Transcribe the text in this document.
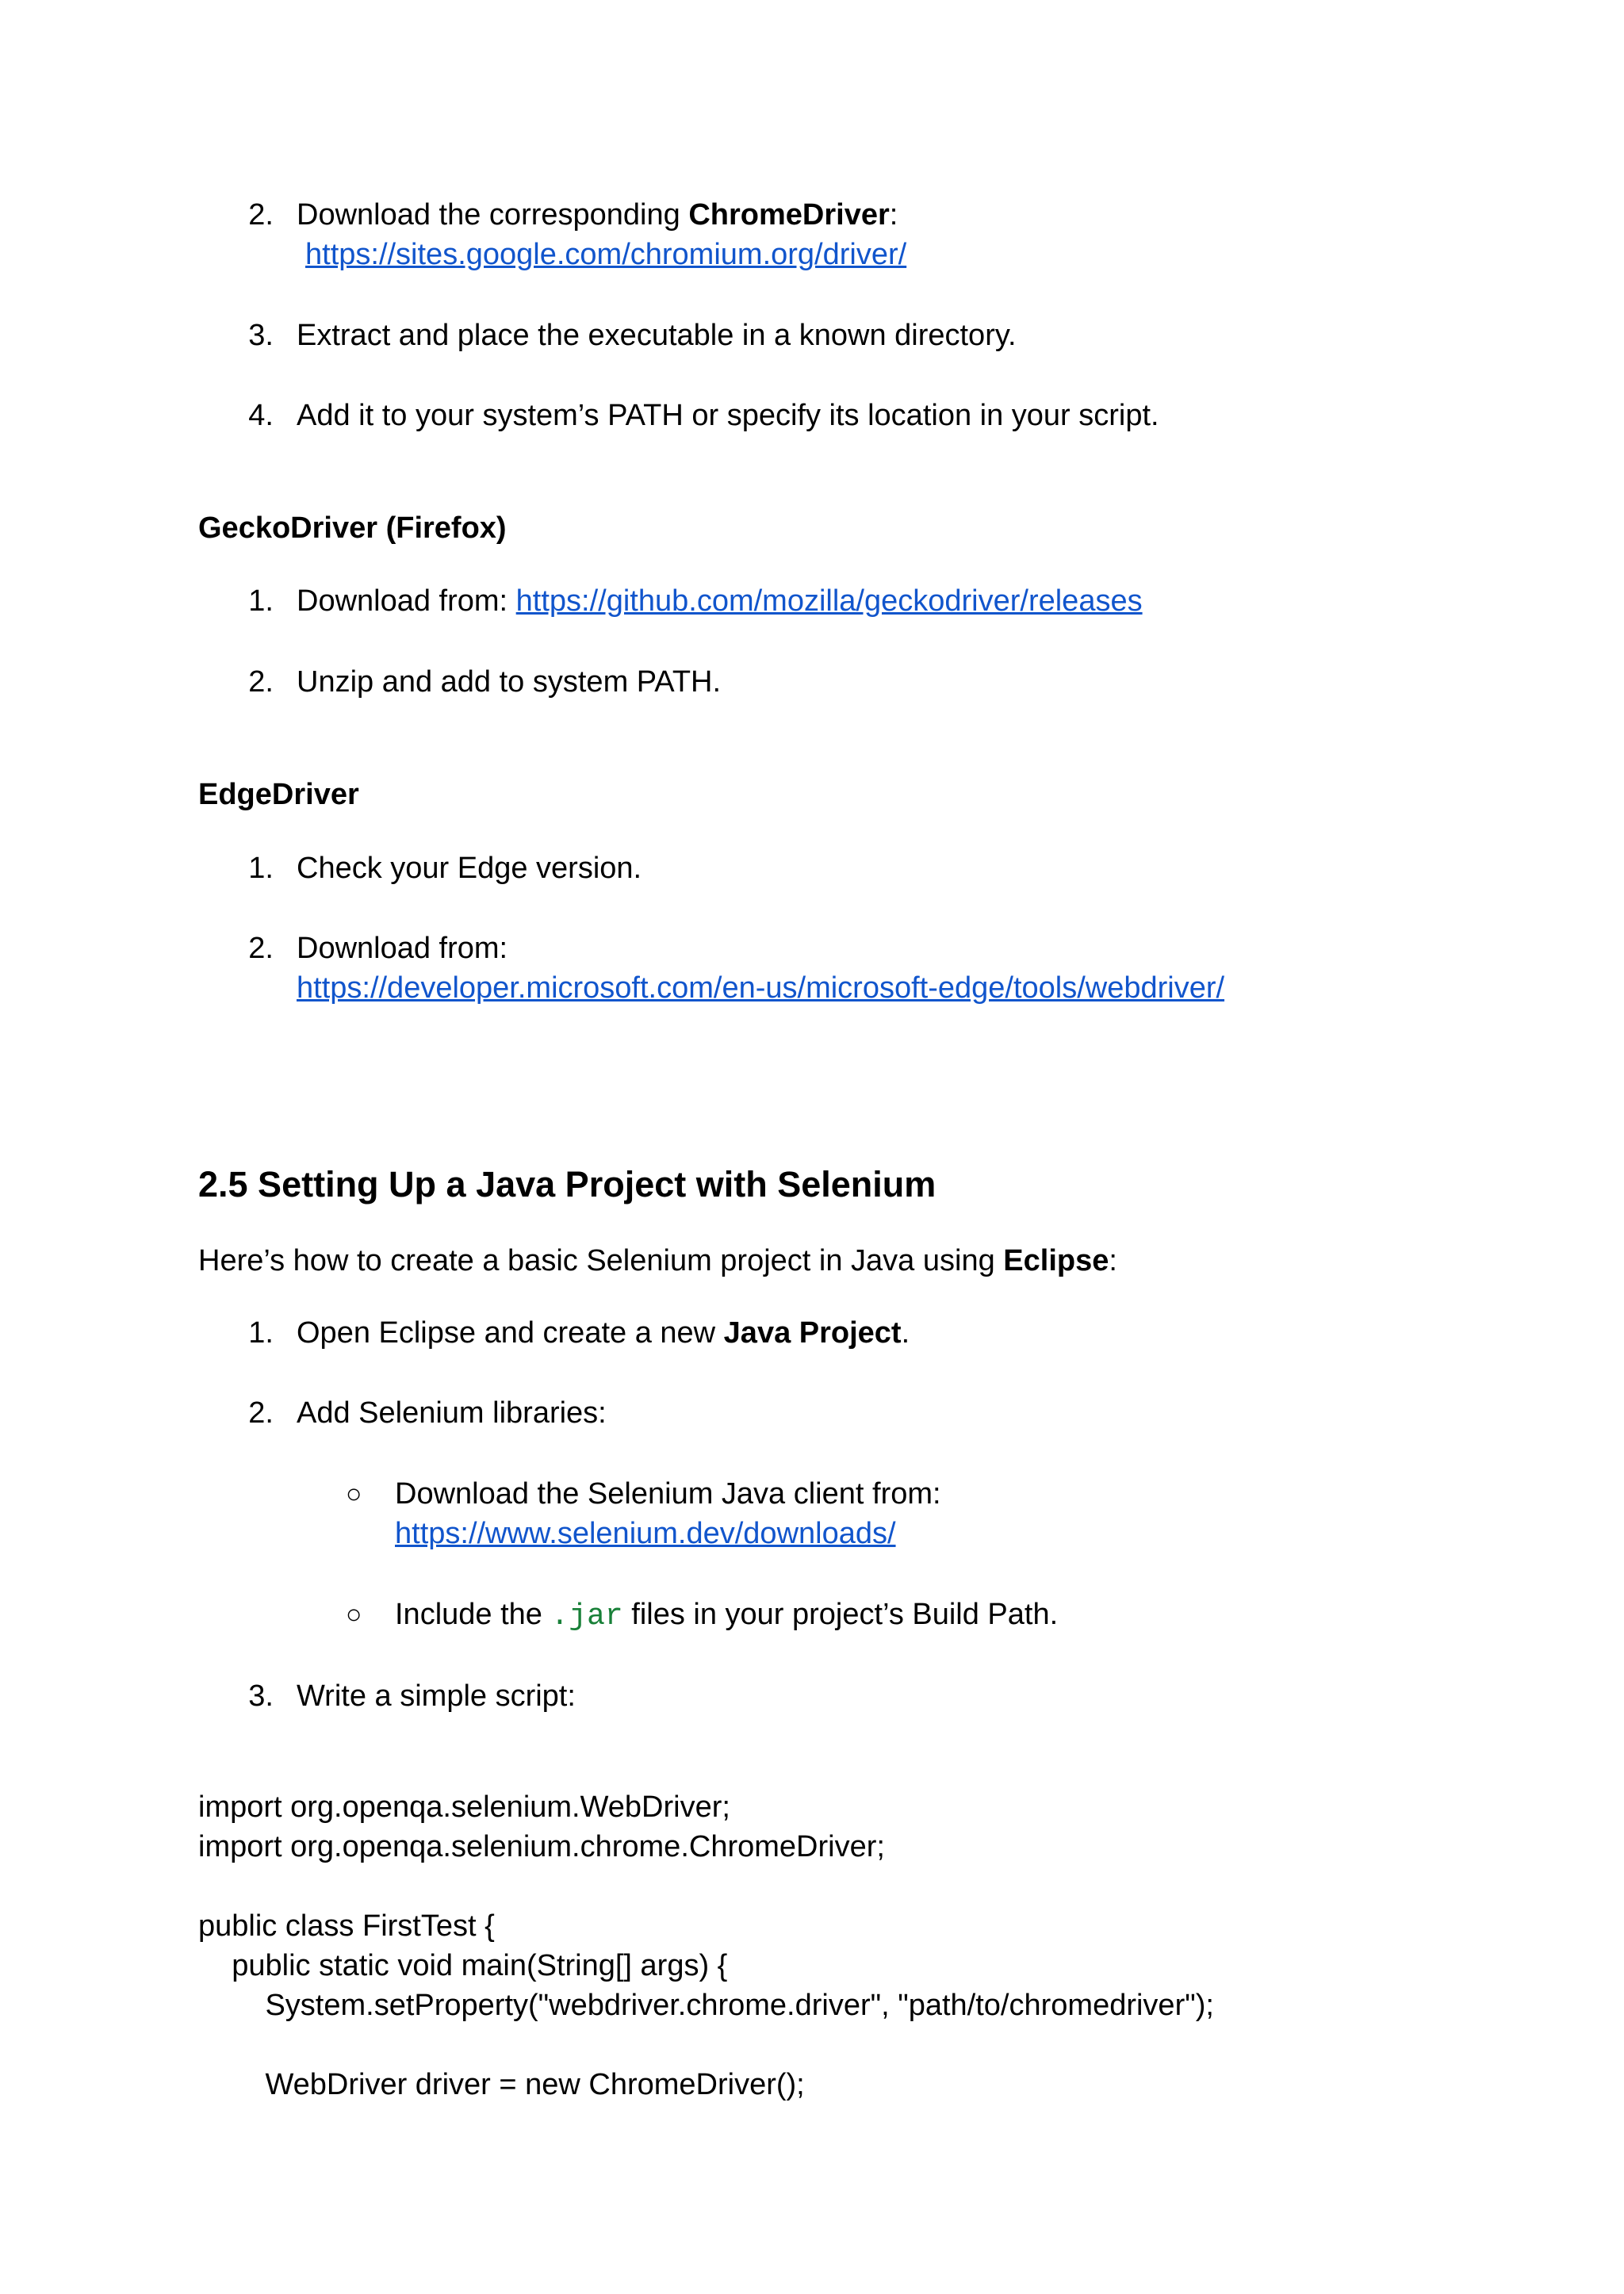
2. Download the corresponding ChromeDriver:
https://sites.google.com/chromium.org/driver/
3. Extract and place the executable in a known directory.
4. Add it to your system’s PATH or specify its location in your script.
GeckoDriver (Firefox)
1. Download from: https://github.com/mozilla/geckodriver/releases
2. Unzip and add to system PATH.
EdgeDriver
1. Check your Edge version.
2. Download from:
https://developer.microsoft.com/en-us/microsoft-edge/tools/webdriver/
2.5 Setting Up a Java Project with Selenium
Here’s how to create a basic Selenium project in Java using Eclipse:
1. Open Eclipse and create a new Java Project.
2. Add Selenium libraries:
○ Download the Selenium Java client from:
https://www.selenium.dev/downloads/
○ Include the .jar files in your project’s Build Path.
3. Write a simple script:
import org.openqa.selenium.WebDriver;
import org.openqa.selenium.chrome.ChromeDriver;
public class FirstTest {
public static void main(String[] args) {
System.setProperty("webdriver.chrome.driver", "path/to/chromedriver");
WebDriver driver = new ChromeDriver();
